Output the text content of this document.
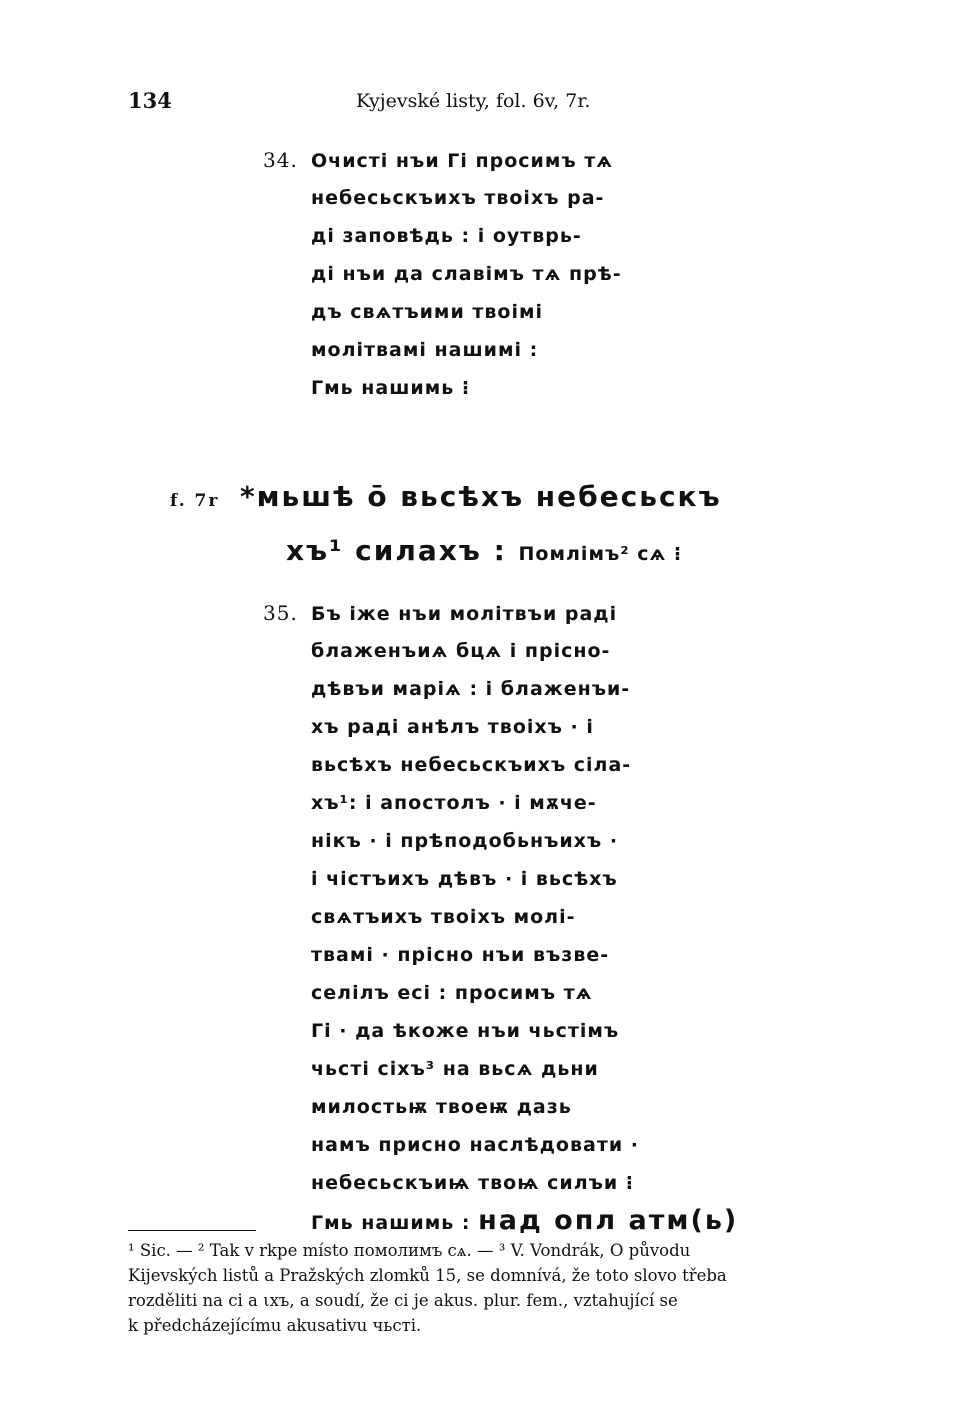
134	Kyjevské listy, fol. 6v, 7r.
34. Очисті нъи Гі просимъ тѧ
небесьскъихъ твоіхъ ра-
ді заповѣдь : і оутврь-
ді нъи да славімъ тѧ прѣ-
дъ свѧтъими твоімі
молітвамі нашимі :
Гмь нашимь ⁝
f. 7r *мьшѣ о̄ вьсѣхъ небесьскъ
хъ¹ силахъ : Помлімъ² сѧ ⁝
35. Бъ іже нъи молітвъи раді
блаженъиѧ бцѧ і прісно-
дѣвъи маріѧ : і блаженъи-
хъ раді анѣлъ твоіхъ · і
вьсѣхъ небесьскъихъ сіла-
хъ¹: і апостолъ · і мѫче-
нікъ · і прѣподобьнъихъ ·
і чістъихъ дѣвъ · і вьсѣхъ
свѧтъихъ твоіхъ молі-
твамі · прісно нъи възве-
селілъ есі : просимъ тѧ
Гі · да ѣкоже нъи чьстімъ
чьсті сіхъ³ на вьсѧ дьни
милостьѭ твоеѭ дазь
намъ присно наслѣдовати ·
небесьскъиѩ твоѩ силъи ⁝
Гмь нашимь : над опл атм(ь)
¹ Sic. — ² Tak v rkpe místo помолимъ сѧ. — ³ V. Vondrák, O původu
Kijevských listů a Pražských zlomků 15, se domnívá, že toto slovo třeba
rozděliti na ci a ιхъ, a soudí, že ci je akus. plur. fem., vztahující se
k předcházejícímu akusativu чьсті.
